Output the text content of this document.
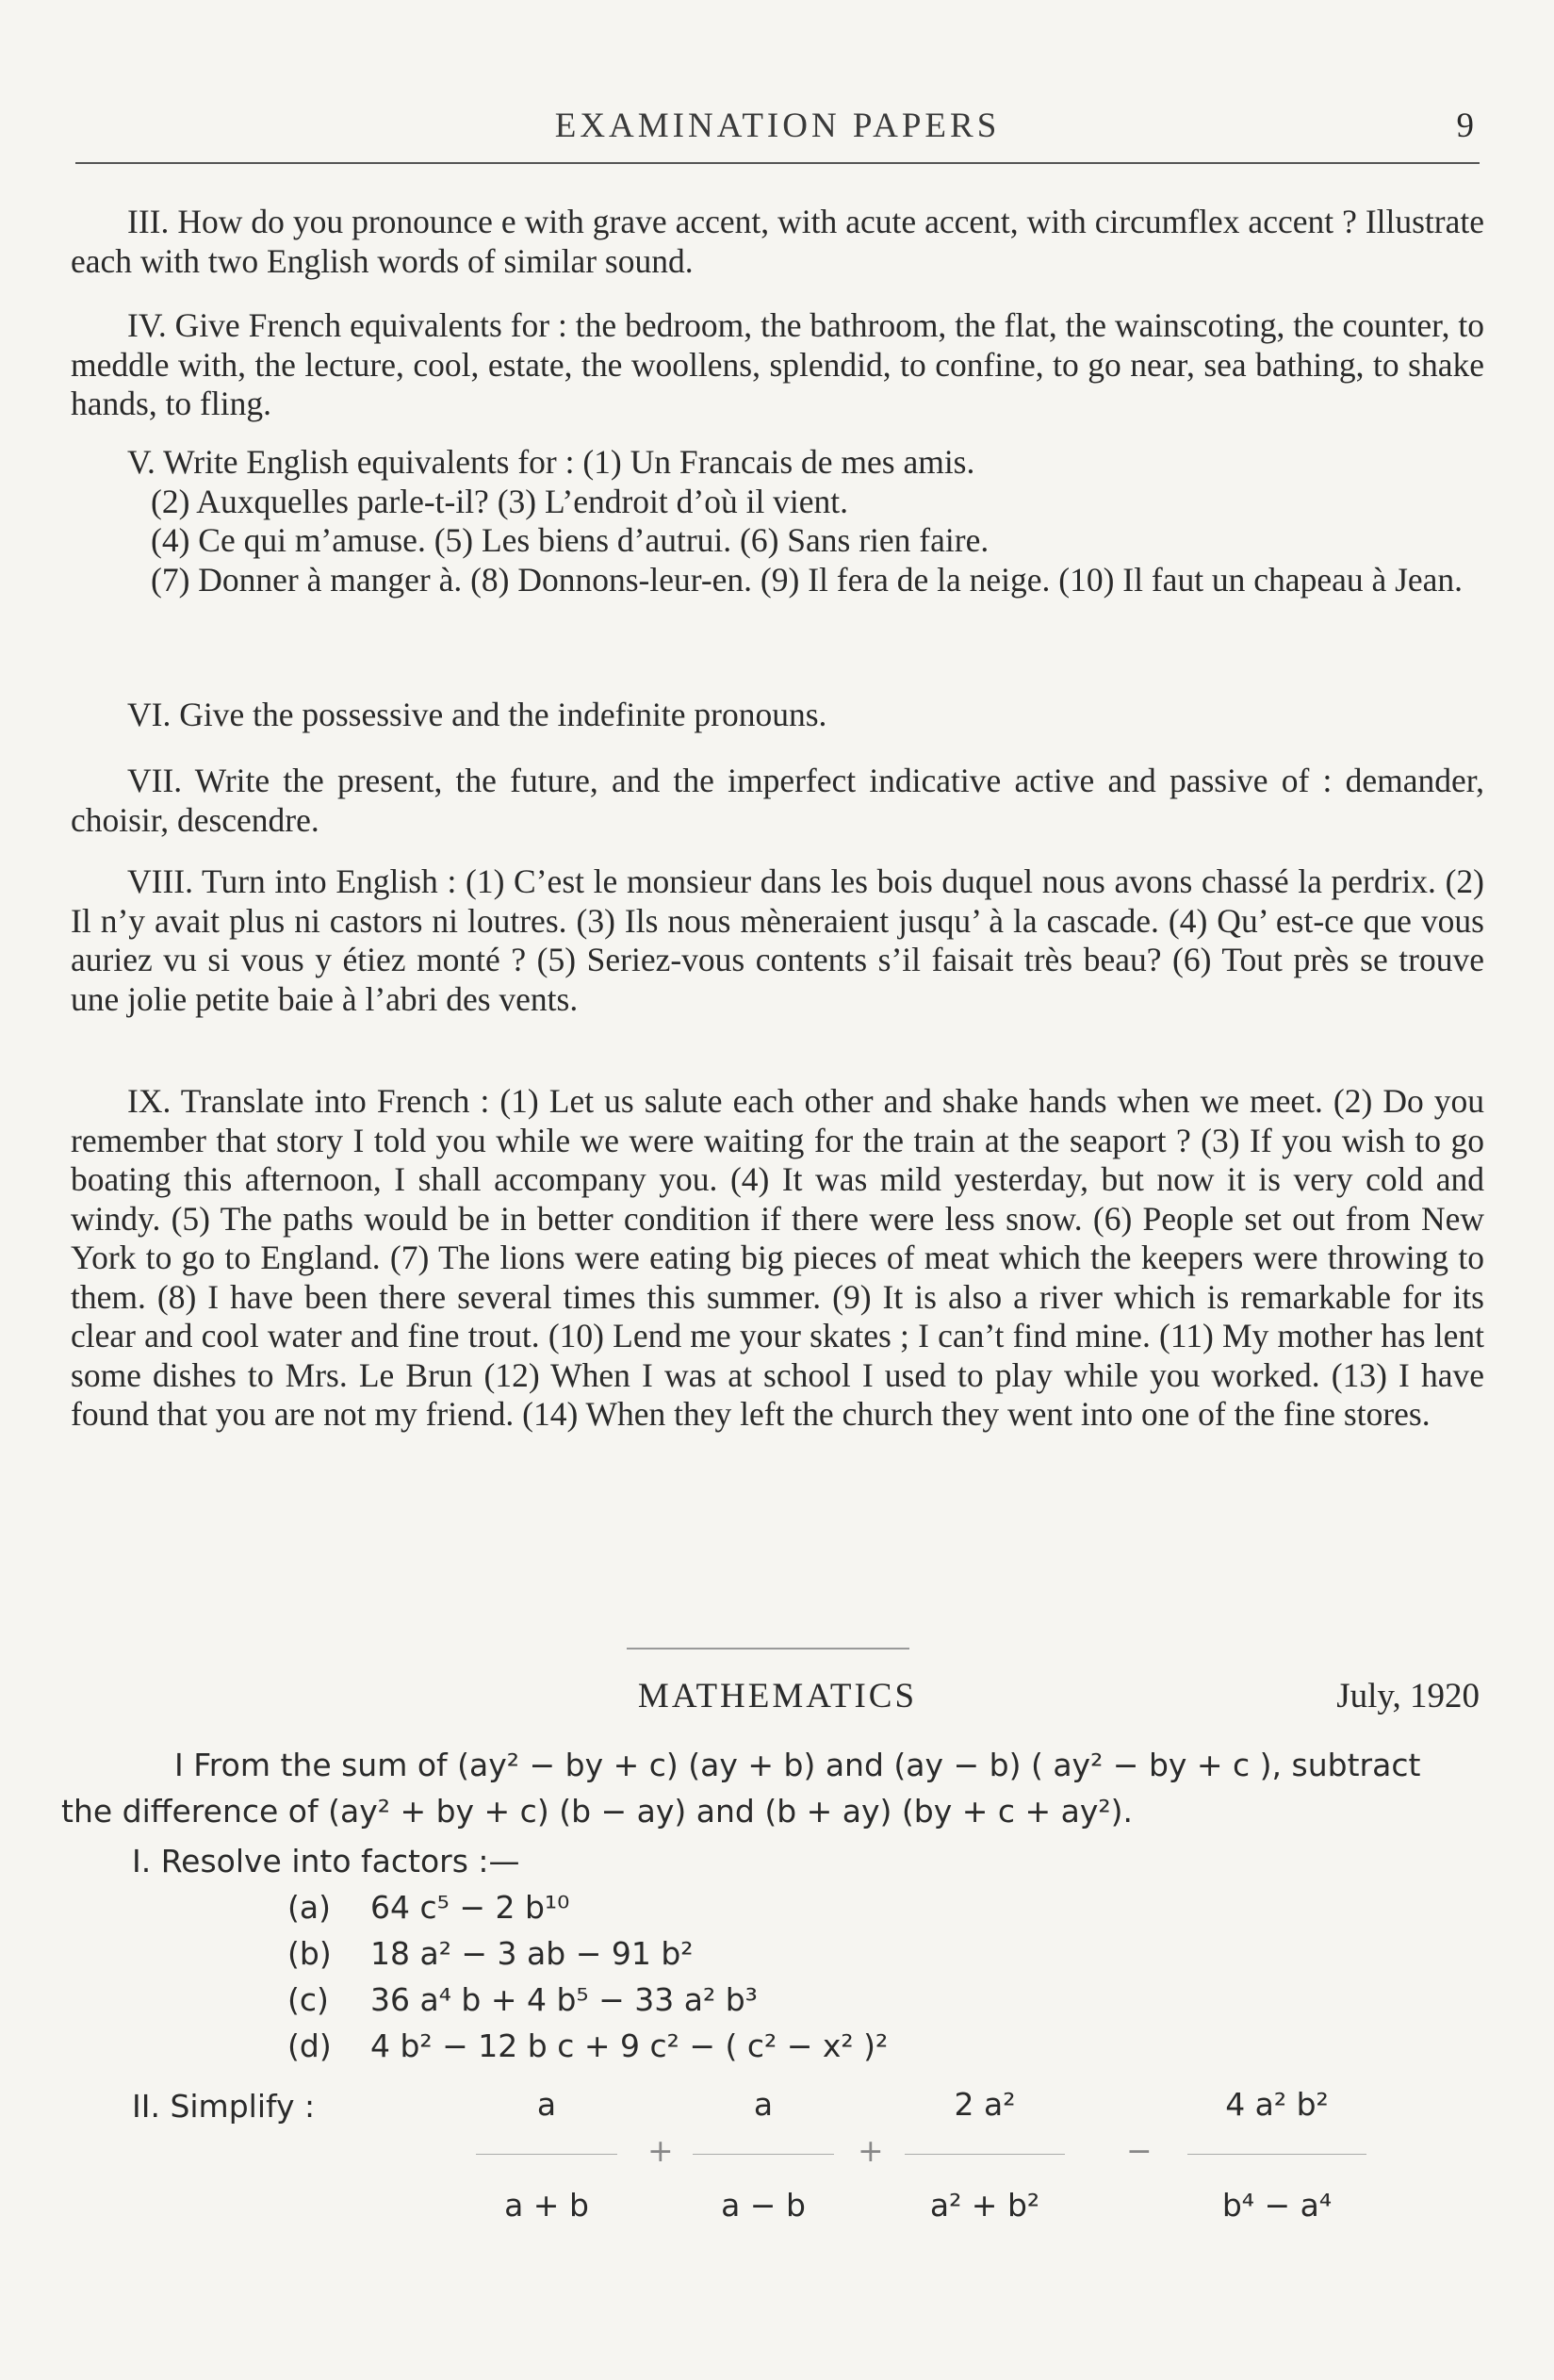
EXAMINATION PAPERS	9

III. How do you pronounce e with grave accent, with acute accent, with circumflex accent ? Illustrate each with two English words of similar sound.

IV. Give French equivalents for : the bedroom, the bathroom, the flat, the wainscoting, the counter, to meddle with, the lecture, cool, estate, the woollens, splendid, to confine, to go near, sea bathing, to shake hands, to fling.

V. Write English equivalents for : (1) Un Francais de mes amis.

(2) Auxquelles parle-t-il? (3) L’endroit d’où il vient.

(4) Ce qui m’amuse. (5) Les biens d’autrui. (6) Sans rien faire.

(7) Donner à manger à. (8) Donnons-leur-en. (9) Il fera de la neige. (10) Il faut un chapeau à Jean.

VI. Give the possessive and the indefinite pronouns.

VII. Write the present, the future, and the imperfect indicative active and passive of : demander, choisir, descendre.

VIII. Turn into English : (1) C’est le monsieur dans les bois duquel nous avons chassé la perdrix. (2) Il n’y avait plus ni castors ni loutres. (3) Ils nous mèneraient jusqu’ à la cascade. (4) Qu’ est-ce que vous auriez vu si vous y étiez monté ? (5) Seriez-vous contents s’il faisait très beau? (6) Tout près se trouve une jolie petite baie à l’abri des vents.

IX. Translate into French : (1) Let us salute each other and shake hands when we meet. (2) Do you remember that story I told you while we were waiting for the train at the seaport ? (3) If you wish to go boating this afternoon, I shall accompany you. (4) It was mild yesterday, but now it is very cold and windy. (5) The paths would be in better condition if there were less snow. (6) People set out from New York to go to England. (7) The lions were eating big pieces of meat which the keepers were throwing to them. (8) I have been there several times this summer. (9) It is also a river which is remarkable for its clear and cool water and fine trout. (10) Lend me your skates ; I can’t find mine. (11) My mother has lent some dishes to Mrs. Le Brun (12) When I was at school I used to play while you worked. (13) I have found that you are not my friend. (14) When they left the church they went into one of the fine stores.

MATHEMATICS	July, 1920

I From the sum of (ay² − by + c) (ay + b) and (ay − b) ( ay² − by + c ), subtract the difference of (ay² + by + c) (b − ay) and (b + ay) (by + c + ay²).

I. Resolve into factors :—
(a)	64 c⁵ − 2 b¹⁰
(b)	18 a² − 3 ab − 91 b²
(c)	36 a⁴ b + 4 b⁵ − 33 a² b³
(d)	4 b² − 12 b c + 9 c² − ( c² − x² )²
II. Simplify :	a
a + b
+
a
a − b
+
2 a²
a² + b²
−
4 a² b²
b⁴ − a⁴
